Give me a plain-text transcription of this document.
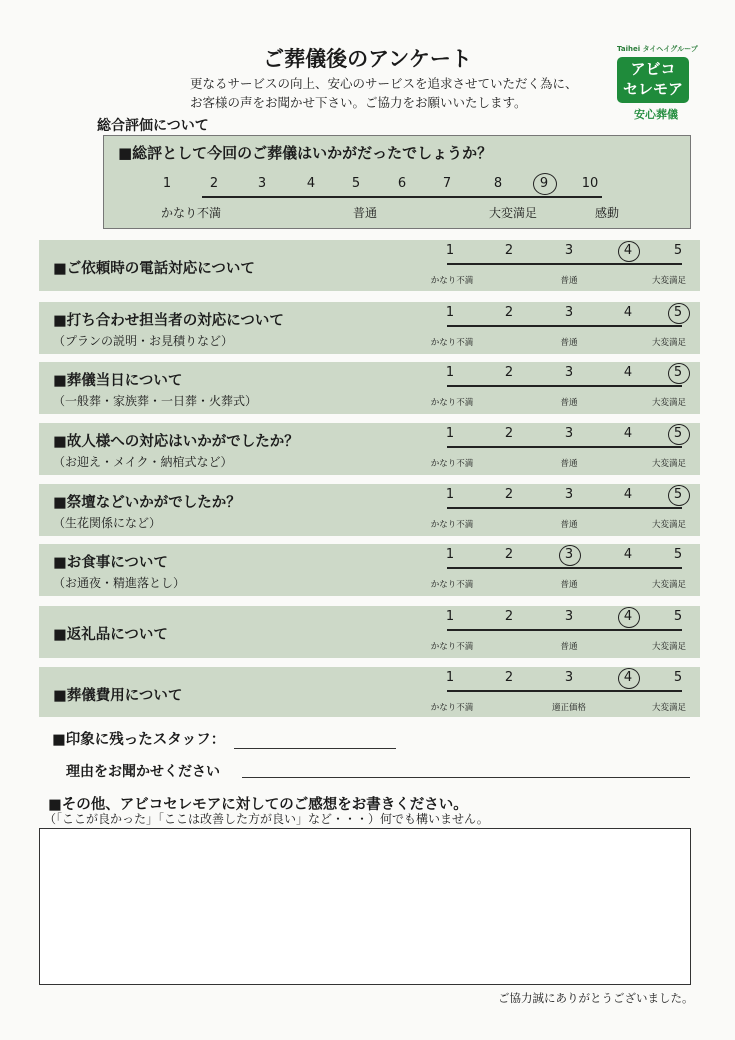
ご葬儀後のアンケート
更なるサービスの向上、安心のサービスを追求させていただく為に、
お客様の声をお聞かせ下さい。ご協力をお願いいたします。
Taihei タイヘイグループ
アビコ
セレモア
安心葬儀
総合評価について
■総評として今回のご葬儀はいかがだったでしょうか？
1	2	3	4	5	6	7	8	9	10
かなり不満	普通	大変満足	感動
■ご依頼時の電話対応について
1	2	3	4	5
かなり不満	普通	大変満足
■打ち合わせ担当者の対応について
（プランの説明・お見積りなど）
1	2	3	4	5
かなり不満	普通	大変満足
■葬儀当日について
（一般葬・家族葬・一日葬・火葬式）
1	2	3	4	5
かなり不満	普通	大変満足
■故人様への対応はいかがでしたか？
（お迎え・メイク・納棺式など）
1	2	3	4	5
かなり不満	普通	大変満足
■祭壇などいかがでしたか？
（生花関係になど）
1	2	3	4	5
かなり不満	普通	大変満足
■お食事について
（お通夜・精進落とし）
1	2	3	4	5
かなり不満	普通	大変満足
■返礼品について
1	2	3	4	5
かなり不満	普通	大変満足
■葬儀費用について
1	2	3	4	5
かなり不満	適正価格	大変満足
■印象に残ったスタッフ：
理由をお聞かせください
■その他、アビコセレモアに対してのご感想をお書きください。
（「ここが良かった」「ここは改善した方が良い」など・・・）何でも構いません。
ご協力誠にありがとうございました。
